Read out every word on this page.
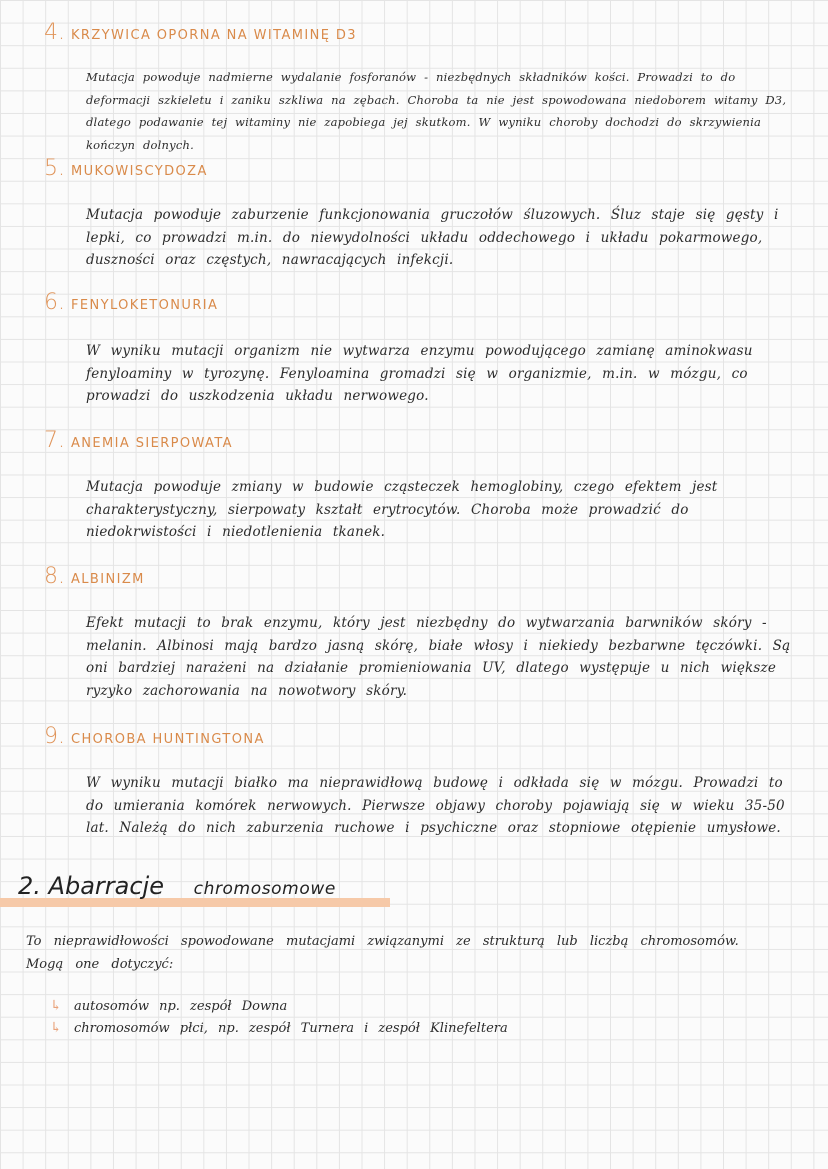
4. KRZYWICA OPORNA NA WITAMINĘ D3
Mutacja powoduje nadmierne wydalanie fosforanów - niezbędnych składników kości. Prowadzi to do deformacji szkieletu i zaniku szkliwa na zębach. Choroba ta nie jest spowodowana niedoborem witamy D3, dlatego podawanie tej witaminy nie zapobiega jej skutkom. W wyniku choroby dochodzi do skrzywienia kończyn dolnych.
5. MUKOWISCYDOZA
Mutacja powoduje zaburzenie funkcjonowania gruczołów śluzowych. Śluz staje się gęsty i lepki, co prowadzi m.in. do niewydolności układu oddechowego i układu pokarmowego, duszności oraz częstych, nawracających infekcji.
6. FENYLOKETONURIA
W wyniku mutacji organizm nie wytwarza enzymu powodującego zamianę aminokwasu fenyloaminy w tyrozynę. Fenyloamina gromadzi się w organizmie, m.in. w mózgu, co prowadzi do uszkodzenia układu nerwowego.
7. ANEMIA SIERPOWATA
Mutacja powoduje zmiany w budowie cząsteczek hemoglobiny, czego efektem jest charakterystyczny, sierpowaty kształt erytrocytów. Choroba może prowadzić do niedokrwistości i niedotlenienia tkanek.
8. ALBINIZM
Efekt mutacji to brak enzymu, który jest niezbędny do wytwarzania barwników skóry - melanin. Albinosi mają bardzo jasną skórę, białe włosy i niekiedy bezbarwne tęczówki. Są oni bardziej narażeni na działanie promieniowania UV, dlatego występuje u nich większe ryzyko zachorowania na nowotwory skóry.
9. CHOROBA HUNTINGTONA
W wyniku mutacji białko ma nieprawidłową budowę i odkłada się w mózgu. Prowadzi to do umierania komórek nerwowych. Pierwsze objawy choroby pojawiają się w wieku 35-50 lat. Należą do nich zaburzenia ruchowe i psychiczne oraz stopniowe otępienie umysłowe.
2. Abarracje chromosomowe
To nieprawidłowości spowodowane mutacjami związanymi ze strukturą lub liczbą chromosomów. Mogą one dotyczyć:
↳ autosomów np. zespół Downa
↳ chromosomów płci, np. zespół Turnera i zespół Klinefeltera
